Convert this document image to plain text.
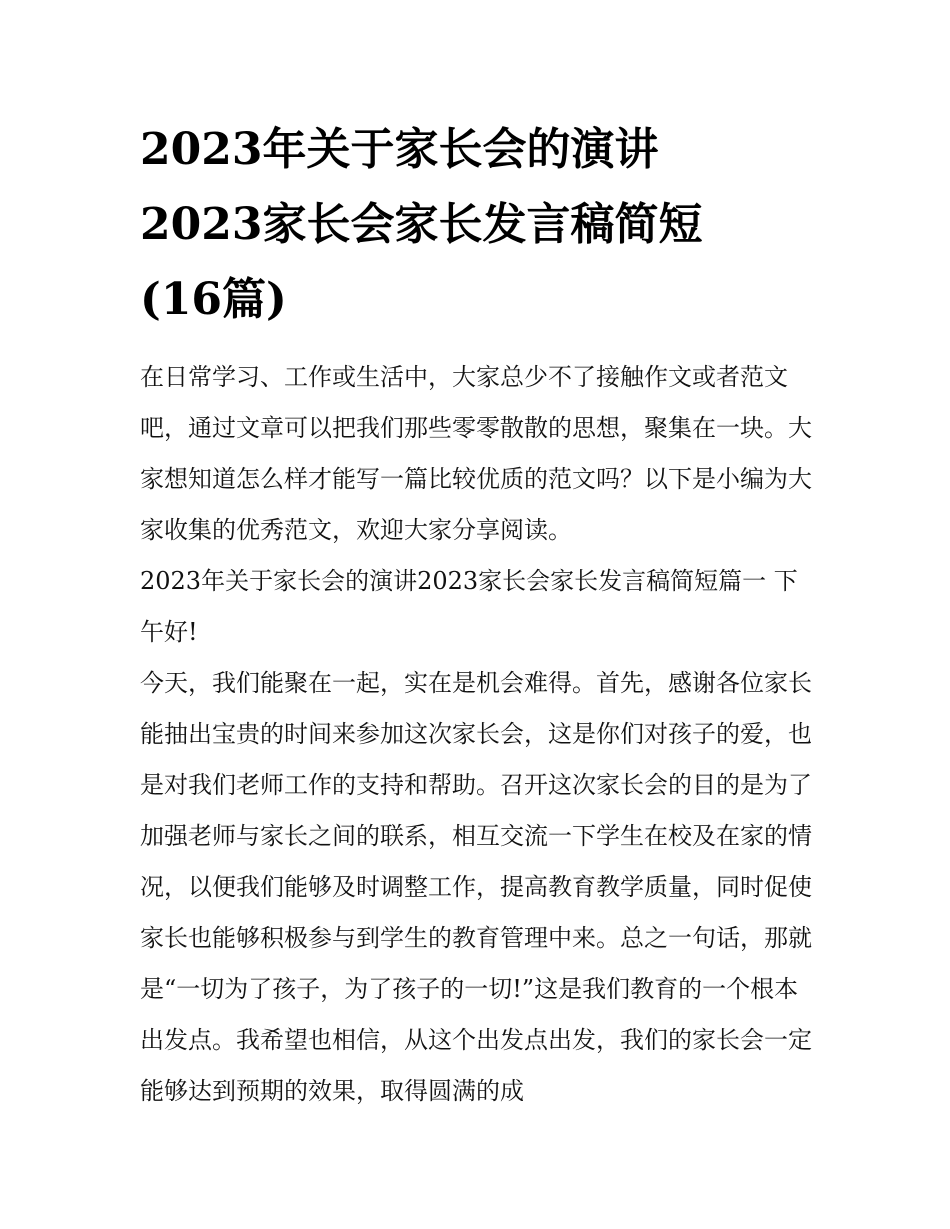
2023年关于家长会的演讲
2023家长会家长发言稿简短
(16篇)

在日常学习、工作或生活中，大家总少不了接触作文或者范文吧，通过文章可以把我们那些零零散散的思想，聚集在一块。大家想知道怎么样才能写一篇比较优质的范文吗？以下是小编为大家收集的优秀范文，欢迎大家分享阅读。

2023年关于家长会的演讲2023家长会家长发言稿简短篇一 下午好!

今天，我们能聚在一起，实在是机会难得。首先，感谢各位家长能抽出宝贵的时间来参加这次家长会，这是你们对孩子的爱，也是对我们老师工作的支持和帮助。召开这次家长会的目的是为了加强老师与家长之间的联系，相互交流一下学生在校及在家的情况，以便我们能够及时调整工作，提高教育教学质量，同时促使家长也能够积极参与到学生的教育管理中来。总之一句话，那就是“一切为了孩子，为了孩子的一切!”这是我们教育的一个根本出发点。我希望也相信，从这个出发点出发，我们的家长会一定能够达到预期的效果，取得圆满的成
